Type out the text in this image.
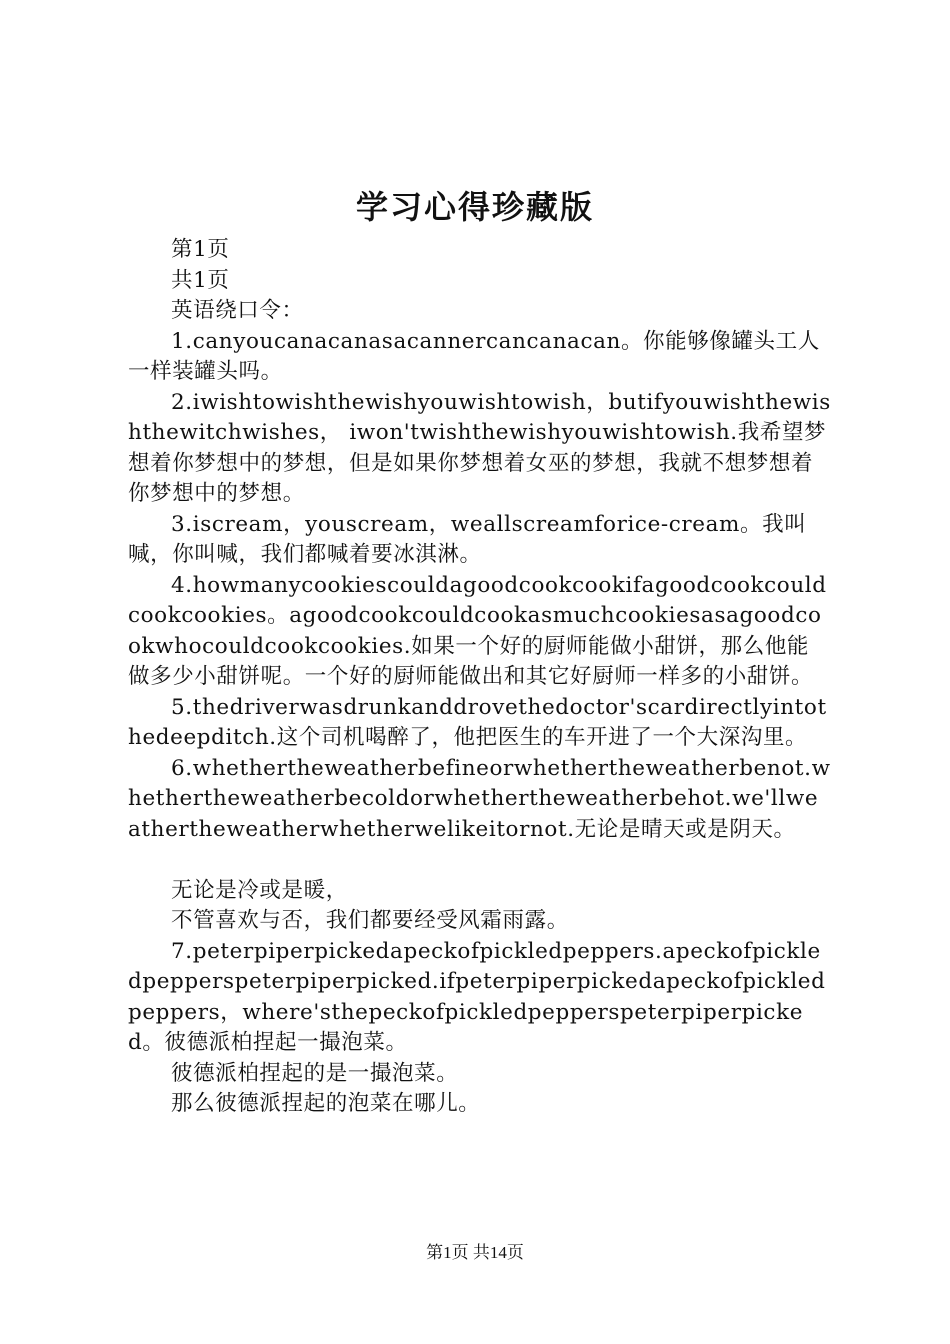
学习心得珍藏版

第1页

共1页

英语绕口令：

1.canyoucanacanasacannercancanacan。你能够像罐头工人一样装罐头吗。

2.iwishtowishthewishyouwishtowish，butifyouwishthewishthewitchwishes， iwon'twishthewishyouwishtowish.我希望梦想着你梦想中的梦想，但是如果你梦想着女巫的梦想，我就不想梦想着你梦想中的梦想。

3.iscream，youscream，weallscreamforice-cream。我叫喊，你叫喊，我们都喊着要冰淇淋。

4.howmanycookiescouldagoodcookcookifagoodcookcouldcookcookies。agoodcookcouldcookasmuchcookiesasagoodcookwhocouldcookcookies.如果一个好的厨师能做小甜饼，那么他能做多少小甜饼呢。一个好的厨师能做出和其它好厨师一样多的小甜饼。

5.thedriverwasdrunkanddrovethedoctor'scardirectlyintothedeepditch.这个司机喝醉了，他把医生的车开进了一个大深沟里。

6.whethertheweatherbefineorwhethertheweatherbenot.whethertheweatherbecoldorwhethertheweatherbehot.we'llweathertheweatherwhetherwelikeitornot.无论是晴天或是阴天。

无论是冷或是暖，

不管喜欢与否，我们都要经受风霜雨露。

7.peterpiperpickedapeckofpickledpeppers.apeckofpickledpepperspeterpiperpicked.ifpeterpiperpickedapeckofpickledpeppers，where'sthepeckofpickledpepperspeterpiperpicked。彼德派柏捏起一撮泡菜。

彼德派柏捏起的是一撮泡菜。

那么彼德派捏起的泡菜在哪儿。

第1页 共14页
